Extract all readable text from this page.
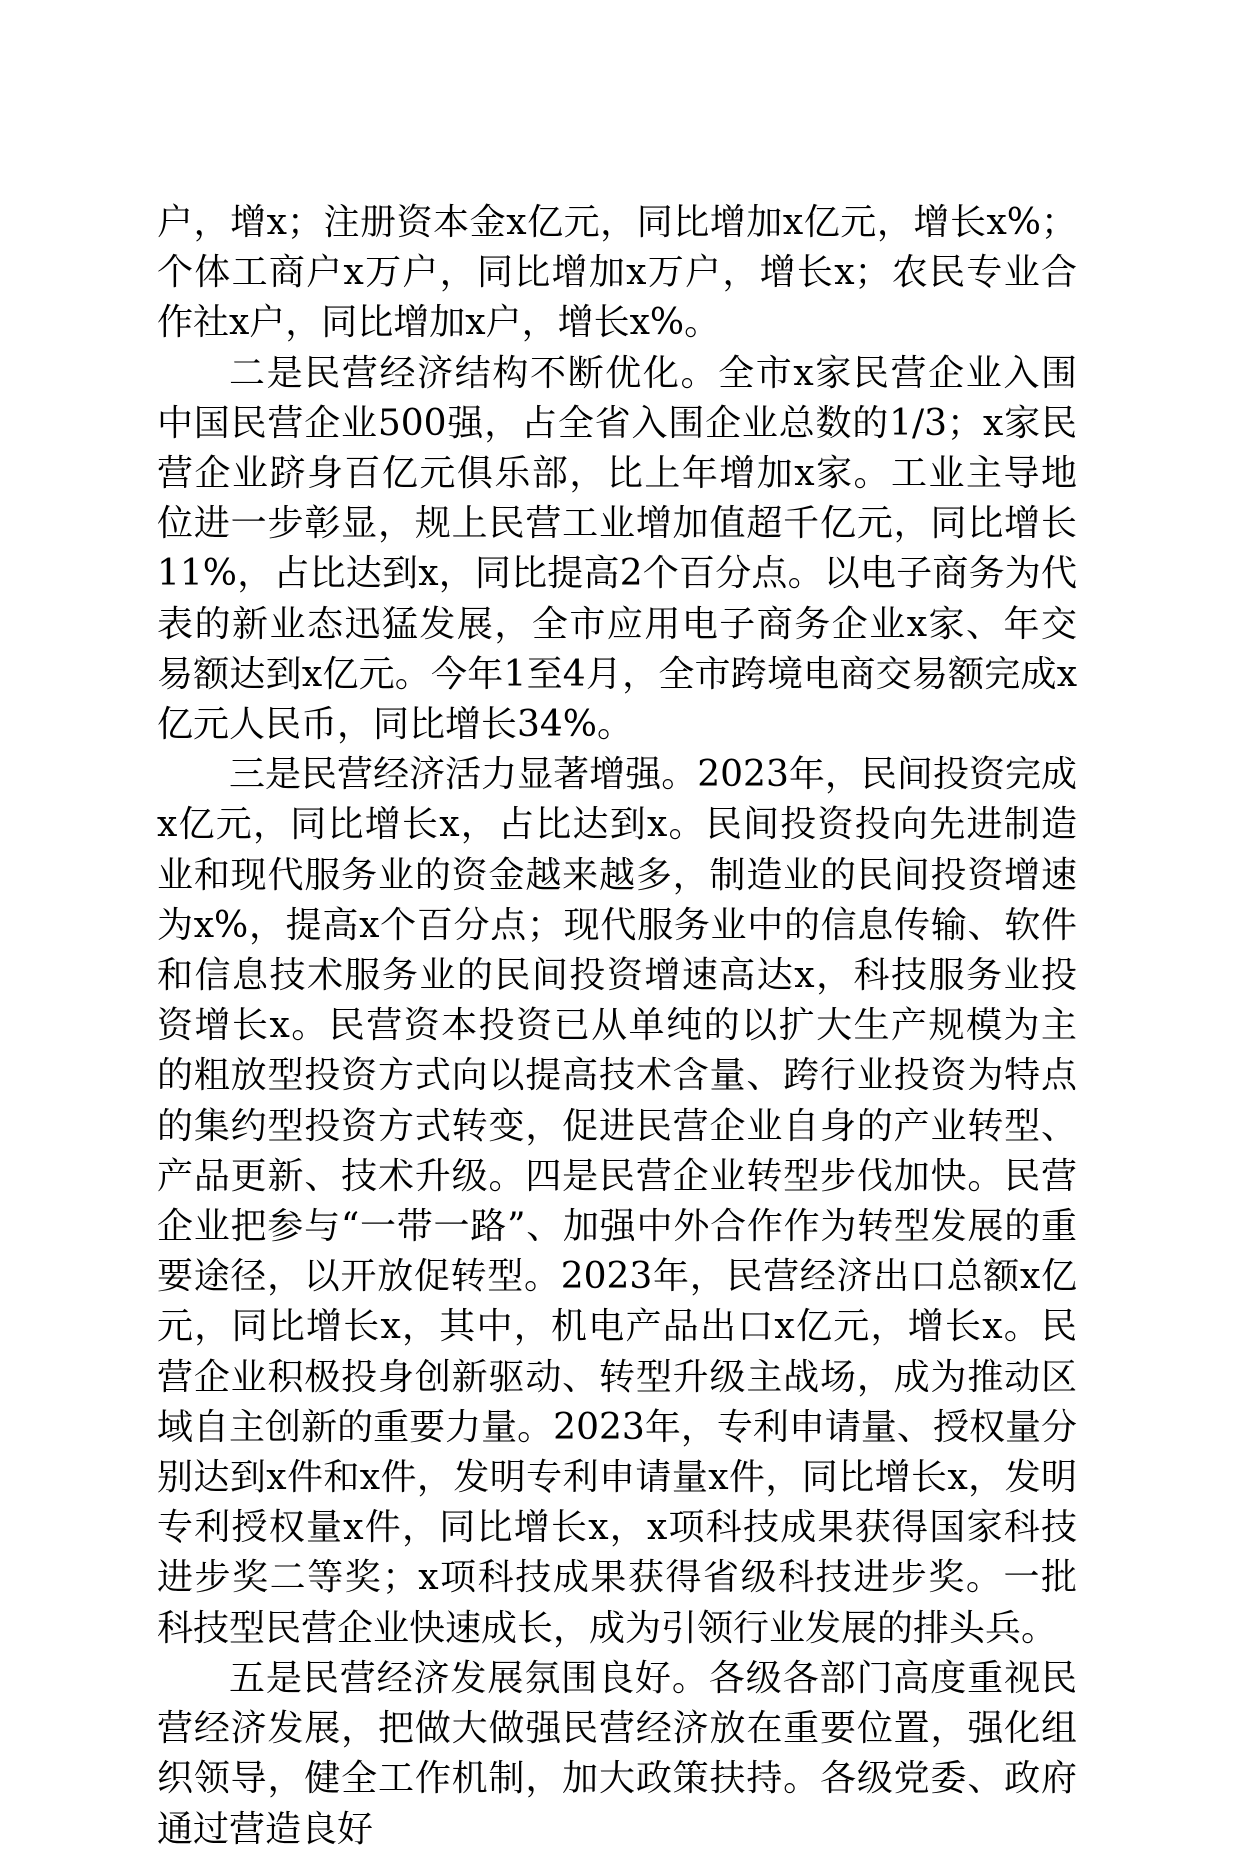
户，增x；注册资本金x亿元，同比增加x亿元，增长x%；个体工商户x万户，同比增加x万户，增长x；农民专业合作社x户，同比增加x户，增长x%。

二是民营经济结构不断优化。全市x家民营企业入围中国民营企业500强，占全省入围企业总数的1/3；x家民营企业跻身百亿元俱乐部，比上年增加x家。工业主导地位进一步彰显，规上民营工业增加值超千亿元，同比增长11%，占比达到x，同比提高2个百分点。以电子商务为代表的新业态迅猛发展，全市应用电子商务企业x家、年交易额达到x亿元。今年1至4月，全市跨境电商交易额完成x亿元人民币，同比增长34%。

三是民营经济活力显著增强。2023年，民间投资完成x亿元，同比增长x，占比达到x。民间投资投向先进制造业和现代服务业的资金越来越多，制造业的民间投资增速为x%，提高x个百分点；现代服务业中的信息传输、软件和信息技术服务业的民间投资增速高达x，科技服务业投资增长x。民营资本投资已从单纯的以扩大生产规模为主的粗放型投资方式向以提高技术含量、跨行业投资为特点的集约型投资方式转变，促进民营企业自身的产业转型、产品更新、技术升级。四是民营企业转型步伐加快。民营企业把参与“一带一路”、加强中外合作作为转型发展的重要途径，以开放促转型。2023年，民营经济出口总额x亿元，同比增长x，其中，机电产品出口x亿元，增长x。民营企业积极投身创新驱动、转型升级主战场，成为推动区域自主创新的重要力量。2023年，专利申请量、授权量分别达到x件和x件，发明专利申请量x件，同比增长x，发明专利授权量x件，同比增长x，x项科技成果获得国家科技进步奖二等奖；x项科技成果获得省级科技进步奖。一批科技型民营企业快速成长，成为引领行业发展的排头兵。

五是民营经济发展氛围良好。各级各部门高度重视民营经济发展，把做大做强民营经济放在重要位置，强化组织领导，健全工作机制，加大政策扶持。各级党委、政府通过营造良好
